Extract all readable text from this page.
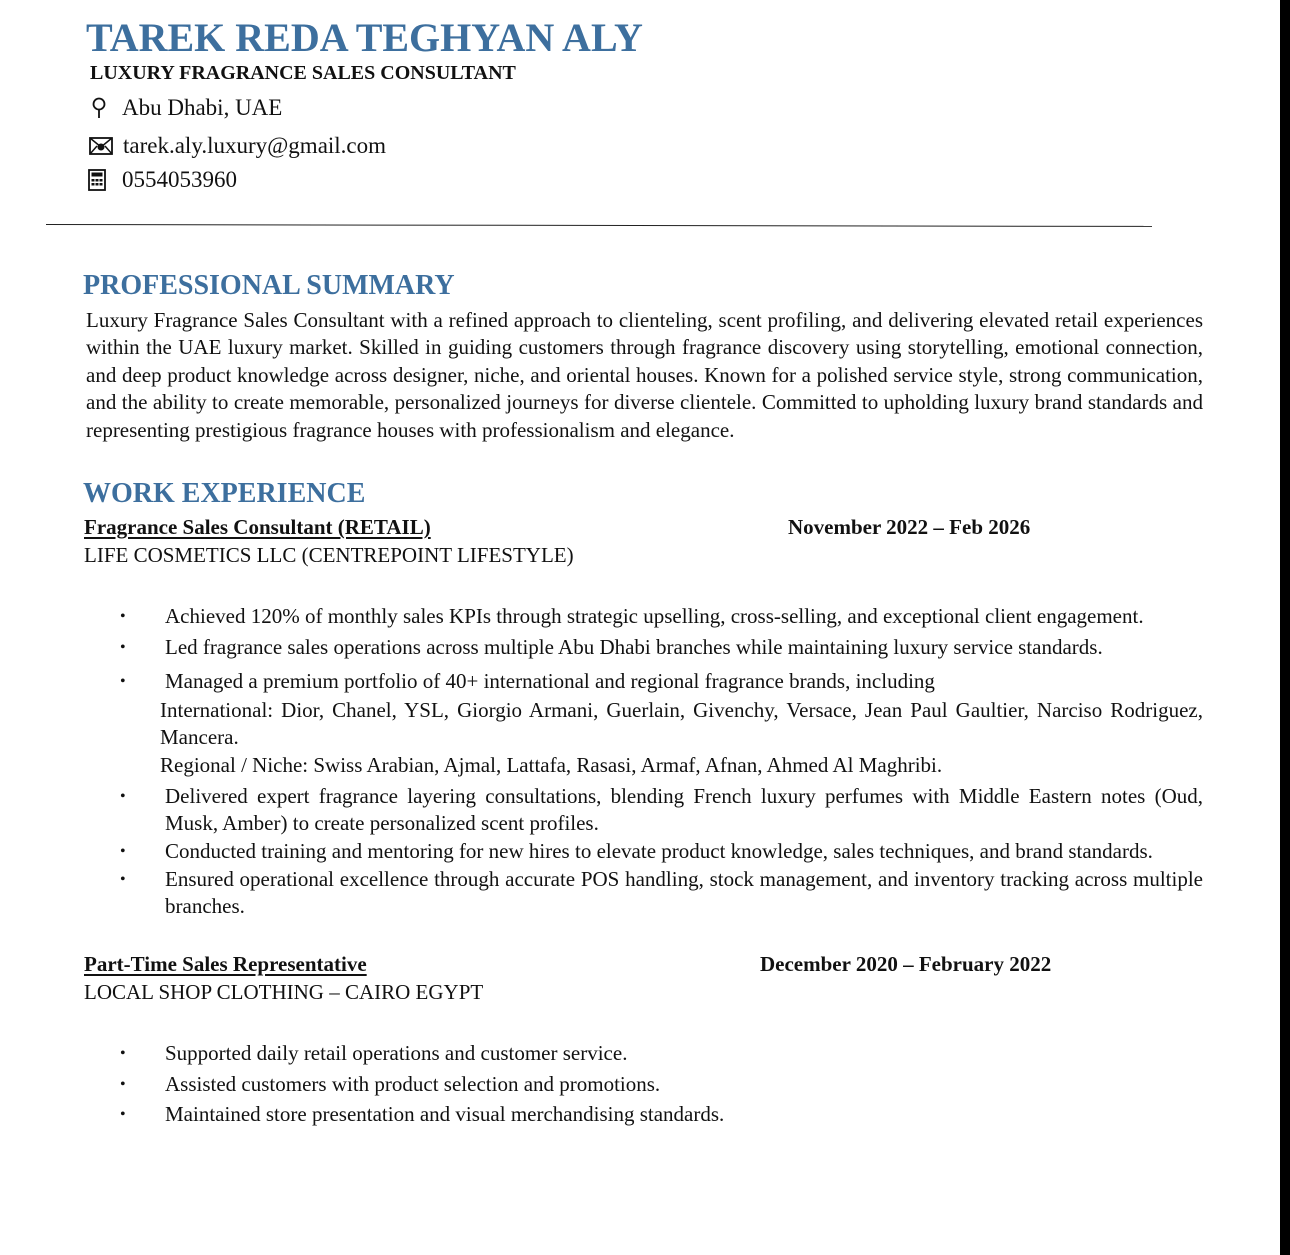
TAREK REDA TEGHYAN ALY
LUXURY FRAGRANCE SALES CONSULTANT
Abu Dhabi, UAE
tarek.aly.luxury@gmail.com
0554053960
PROFESSIONAL SUMMARY

Luxury Fragrance Sales Consultant with a refined approach to clienteling, scent profiling, and delivering elevated retail experiences within the UAE luxury market. Skilled in guiding customers through fragrance discovery using storytelling, emotional connection, and deep product knowledge across designer, niche, and oriental houses. Known for a polished service style, strong communication, and the ability to create memorable, personalized journeys for diverse clientele. Committed to upholding luxury brand standards and representing prestigious fragrance houses with professionalism and elegance.

WORK EXPERIENCE
Fragrance Sales Consultant (RETAIL)	November 2022 – Feb 2026
LIFE COSMETICS LLC (CENTREPOINT LIFESTYLE)
• Achieved 120% of monthly sales KPIs through strategic upselling, cross-selling, and exceptional client engagement.
• Led fragrance sales operations across multiple Abu Dhabi branches while maintaining luxury service standards.
• Managed a premium portfolio of 40+ international and regional fragrance brands, including
International: Dior, Chanel, YSL, Giorgio Armani, Guerlain, Givenchy, Versace, Jean Paul Gaultier, Narciso Rodriguez, Mancera.
Regional / Niche: Swiss Arabian, Ajmal, Lattafa, Rasasi, Armaf, Afnan, Ahmed Al Maghribi.
• Delivered expert fragrance layering consultations, blending French luxury perfumes with Middle Eastern notes (Oud, Musk, Amber) to create personalized scent profiles.
• Conducted training and mentoring for new hires to elevate product knowledge, sales techniques, and brand standards.
• Ensured operational excellence through accurate POS handling, stock management, and inventory tracking across multiple branches.
Part-Time Sales Representative	December 2020 – February 2022
LOCAL SHOP CLOTHING – CAIRO EGYPT
• Supported daily retail operations and customer service.
• Assisted customers with product selection and promotions.
• Maintained store presentation and visual merchandising standards.
